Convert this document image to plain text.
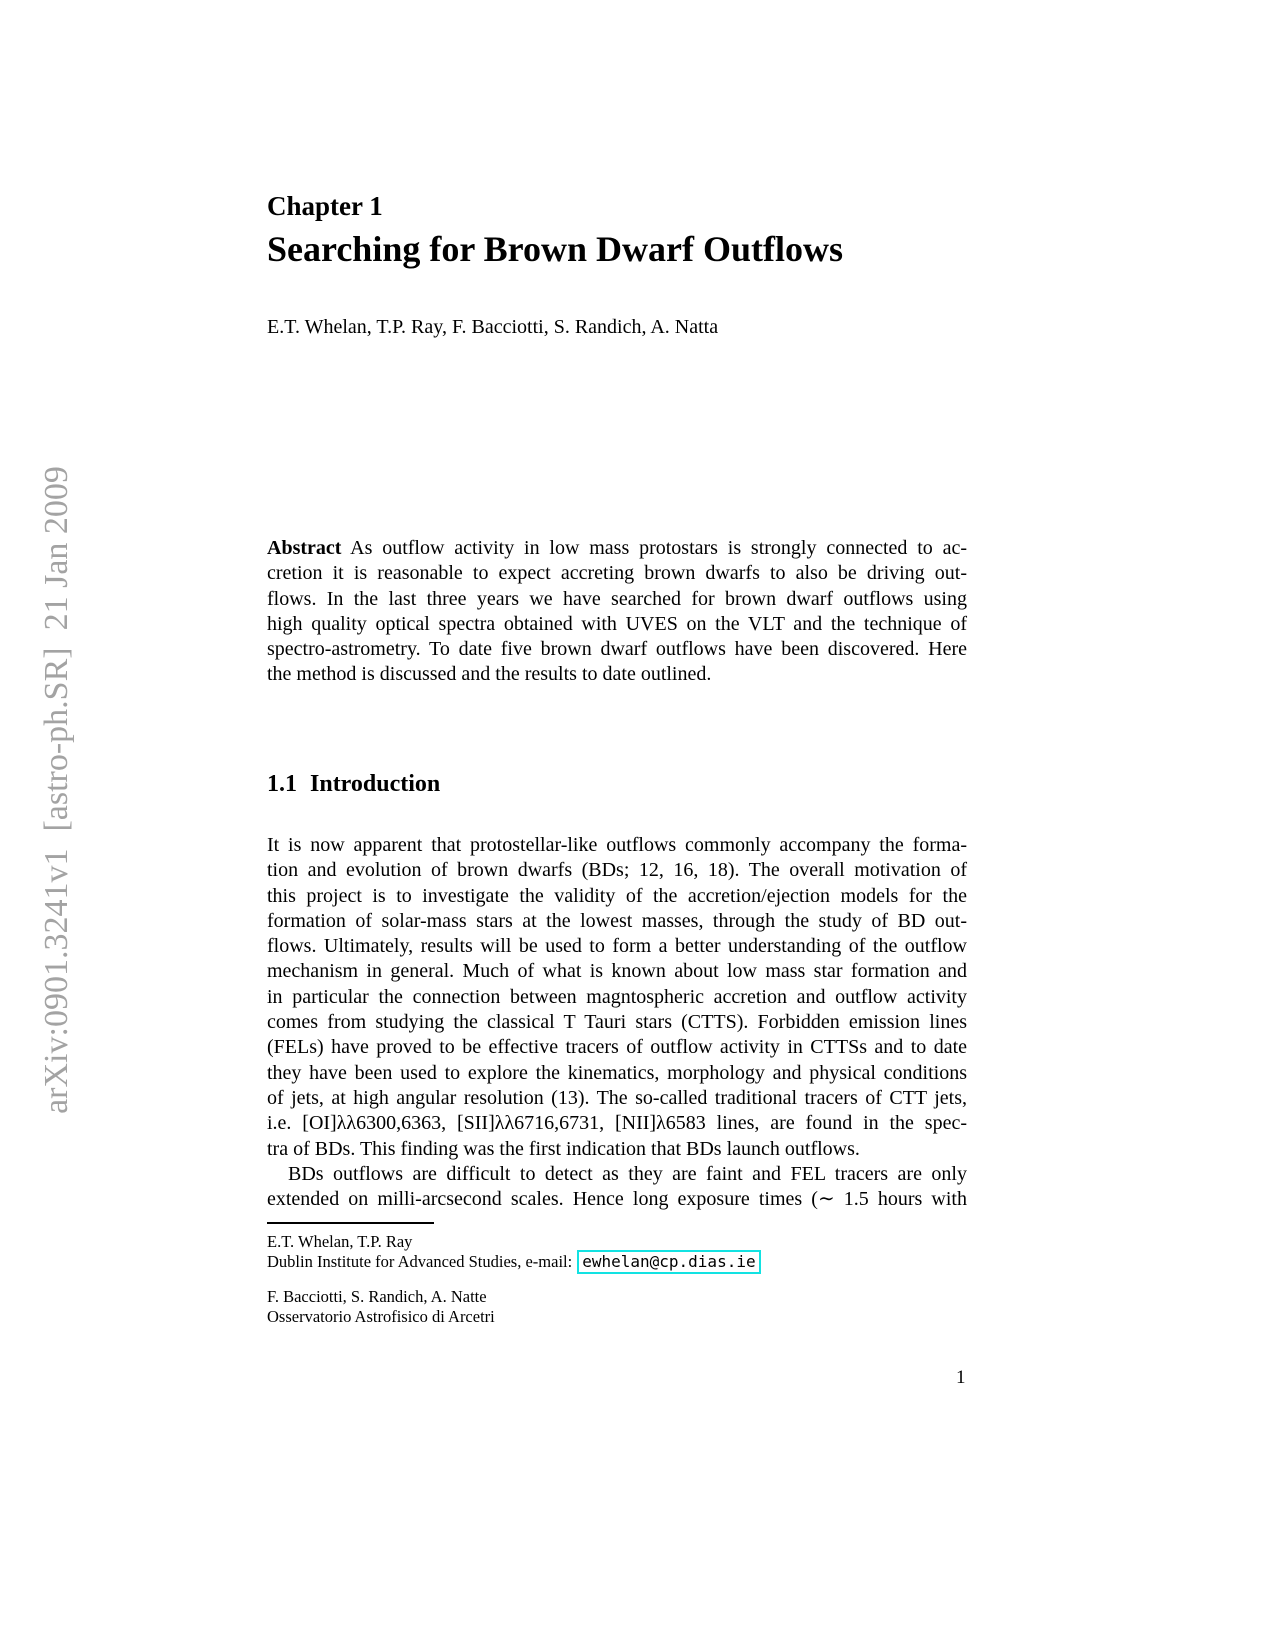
arXiv:0901.3241v1  [astro-ph.SR]  21 Jan 2009
Chapter 1
Searching for Brown Dwarf Outflows
E.T. Whelan, T.P. Ray, F. Bacciotti, S. Randich, A. Natta
Abstract As outflow activity in low mass protostars is strongly connected to ac-
cretion it is reasonable to expect accreting brown dwarfs to also be driving out-
flows. In the last three years we have searched for brown dwarf outflows using
high quality optical spectra obtained with UVES on the VLT and the technique of
spectro-astrometry. To date five brown dwarf outflows have been discovered. Here
the method is discussed and the results to date outlined.
1.1 Introduction
It is now apparent that protostellar-like outflows commonly accompany the forma-
tion and evolution of brown dwarfs (BDs; 12, 16, 18). The overall motivation of
this project is to investigate the validity of the accretion/ejection models for the
formation of solar-mass stars at the lowest masses, through the study of BD out-
flows. Ultimately, results will be used to form a better understanding of the outflow
mechanism in general. Much of what is known about low mass star formation and
in particular the connection between magntospheric accretion and outflow activity
comes from studying the classical T Tauri stars (CTTS). Forbidden emission lines
(FELs) have proved to be effective tracers of outflow activity in CTTSs and to date
they have been used to explore the kinematics, morphology and physical conditions
of jets, at high angular resolution (13). The so-called traditional tracers of CTT jets,
i.e. [OI]λλ6300,6363, [SII]λλ6716,6731, [NII]λ6583 lines, are found in the spec-
tra of BDs. This finding was the first indication that BDs launch outflows.
BDs outflows are difficult to detect as they are faint and FEL tracers are only
extended on milli-arcsecond scales. Hence long exposure times (∼ 1.5 hours with
E.T. Whelan, T.P. Ray
Dublin Institute for Advanced Studies, e-mail: ewhelan@cp.dias.ie
F. Bacciotti, S. Randich, A. Natte
Osservatorio Astrofisico di Arcetri
1
